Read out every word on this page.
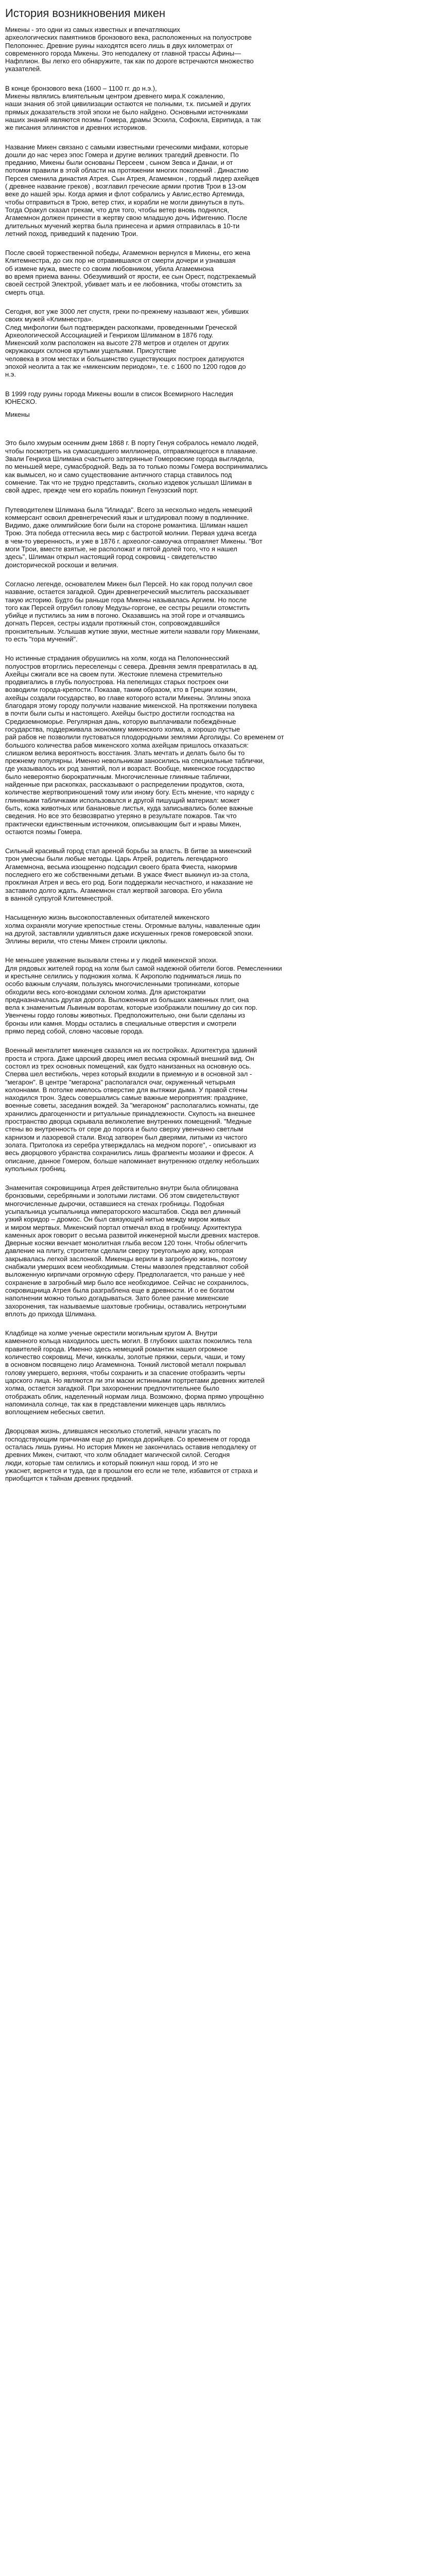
История возникновения микен

Микены - это одни из самых известных и впечатляющих
археологических памятников бронзового века, расположенных на полуострове
Пелопоннес. Древние руины находятся всего лишь в двух километрах от
современного города Микены. Это неподалеку от главной трассы Афины—
Нафплион. Вы легко его обнаружите, так как по дороге встречаются множество
указателей.

В конце бронзового века (1600 – 1100 гг. до н.э.),
Микены являлись влиятельным центром древнего мира.К сожалению,
наши знания об этой цивилизации остаются не полными, т.к. письмей и других
прямых доказательств этой эпохи не было найдено. Основными источниками
наших знаний являются поэмы Гомера, драмы Эсхила, Софокла, Еврипида, а так
же писания эллинистов и древних историков.

Название Микен связано с самыми известными греческими мифами, которые
дошли до нас через эпос Гомера и другие великих трагедий древности. По
преданию, Микены были основаны Персеем , сыном Зевса и Данаи, и от
потомки правили в этой области на протяжении многих поколений . Династию
Персея сменила династия Атрея. Сын Атрея, Агамемнон , гордый лидер ахейцев
( древнее название греков) , возглавил греческие армии против Трои в 13-ом
веке до нашей эры. Когда армия и флот собрались у Авлис,ество Артемида,
чтобы отправиться в Трою, ветер стих, и корабли не могли двинуться в путь.
Тогда Оракул сказал грекам, что для того, чтобы ветер вновь поднялся,
Агамемнон должен принести в жертву свою младшую дочь Ифигению. После
длительных мучений жертва была принесена и армия отправилась в 10-ти
летний поход, приведший к падению Трои.

После своей торжественной победы, Агамемнон вернулся в Микены, его жена
Клитемнестра, до сих пор не отравившаяся от смерти дочери и узнавшая
об измене мужа, вместе со своим любовником, убила Агамемнона
во время приема ванны. Обезумивший от ярости, ее сын Орест, подстрекаемый
своей сестрой Электрой, убивает мать и ее любовника, чтобы отомстить за
смерть отца.

Сегодня, вот уже 3000 лет спустя, греки по-прежнему называют жен, убивших
своих мужей «Климнестра».
След мифологии был подтвержден раскопками, проведенными Греческой
Археологической Ассоциацией и Генрихом Шлиманом в 1876 году.
Микенский холм расположен на высоте 278 метров и отделен от других
окружающих склонов крутыми ущельями. Присутствие
человека в этом местах и большинство существующих построек датируются
эпохой неолита а так же «микенским периодом», т.е. с 1600 по 1200 годов до
н.э.

В 1999 году руины города Микены вошли в список Всемирного Наследия
ЮНЕСКО.

Микены

Это было хмурым осенним днем 1868 г. В порту Генуя собралось немало людей,
чтобы посмотреть на сумасшедшего миллионера, отправляющегося в плавание.
Звали Генриха Шлимана счастьего затерянные Гомеровские города выглядела,
по меньшей мере, сумасбродной. Ведь за то только поэмы Гомера воспринимались
как вымысел, но и само существование античного старца ставилось под
сомнение. Так что не трудно представить, сколько издевок услышал Шлиман в
свой адрес, прежде чем его корабль покинул Генуэзский порт.

Путеводителем Шлимана была "Илиада". Всего за несколько недель немецкий
коммерсант освоил древнегреческий язык и штудировал поэму в подлиннике.
Видимо, даже олимпийские боги были на стороне романтика. Шлиман нашел
Трою. Эта победа оттеснила весь мир с бастротой молнии. Первая удача всегда
в чем-то уверенность, и уже в 1876 г. археолог-самоучка отправляет Микены. "Вот
моги Трои, вместе взятые, не расположат и пятой долей того, что я нашел
здесь", Шлиман открыл настоящий город сокровищ - свидетельство
доисторической роскоши и величия.

Согласно легенде, основателем Микен был Персей. Но как город получил свое
название, остается загадкой. Один древнегреческий мыслитель рассказывает
такую историю. Будто бы раньше гора Микены называлась Аргием. Но после
того как Персей отрубил голову Медузы-горгоне, ее сестры решили отомстить
убийце и пустились за ним в погоню. Оказавшись на этой горе и отчаявшись
догнать Персея, сестры издали протяжный стон, сопровождавшийся
пронзительным. Услышав жуткие звуки, местные жители назвали гору Микенами,
то есть "гора мучений".

Но истинные страдания обрушились на холм, когда на Пелопоннесский
полуостров вторглись переселенцы с севера. Древняя земля превратилась в ад.
Ахейцы сжигали все на своем пути. Жестокие племена стремительно
продвигались в глубь полуострова. На пепелищах старых построек они
возводили города-крепости. Показав, таким образом, кто в Греции хозяин,
ахейцы создали государство, во главе которого встали Микены. Эллины эпоха
благодаря этому городу получили название микенской. На протяжении полувека
в почти были сыты и настоящего. Ахейцы быстро достигли господства на
Средиземноморье. Регулярная дань, которую выплачивали побеждённые
государства, поддерживала экономику микенского холма, а хорошо пустые
рай рабов не позволили пустоваться плодородными землями Арголиды. Со временем от
большого количества рабов микенского холма ахейцам пришлось отказаться:
слишком велика вероятность восстания. Злать мечтать и делать было бы то
прежнему популярны. Именно невольникам заносились на специальные таблички,
где указывалось их род занятий, пол и возраст. Вообще, микенское государство
было невероятно бюрократичным. Многочисленные глиняные таблички,
найденные при раскопках, рассказывают о распределении продуктов, скота,
количестве жертвоприношений тому или иному богу. Есть мнение, что наряду с
глиняными табличками использовался и другой пишущий материал: может
быть, кожа животных или банановые листья, куда записывались более важные
сведения. Но все это безвозвратно утеряно в результате пожаров. Так что
практически единственным источником, описывающим быт и нравы Микен,
остаются поэмы Гомера.

Сильный красивый город стал ареной борьбы за власть. В битве за микенский
трон умесны были любые методы. Царь Атрей, родитель легендарного
Агамемнона, весьма изощренно подсадил своего брата Фиеста, накормив
последнего его же собственными детьми. В ужасе Фиест выкинул из-за стола,
проклиная Атрея и весь его род. Боги поддержали несчастного, и наказание не
заставило долго ждать. Агамемнон стал жертвой заговора. Его убила
в ванной супругой Клитемнестрой.

Насыщенную жизнь высокопоставленных обитателей микенского
холма охраняли могучие крепостные стены. Огромные валуны, наваленные один
на другой, заставляли удивляться даже искушенных греков гомеровской эпохи.
Эллины верили, что стены Микен строили циклопы.

Не меньшее уважение вызывали стены и у людей микенской эпохи.
Для рядовых жителей город на холм был самой надежной обители богов. Ремесленники
и крестьяне селились у подножия холма. К Акрополю подниматься лишь по
особо важным случаям, пользуясь многочисленными тропинками, которые
обходили весь кого-вокодами склоном холма. Для аристократии
предназначалась другая дорога. Выложенная из больших каменных плит, она
вела к знаменитым Львиным воротам, которые изображали пошлину до сих пор.
Увенчены гордо головы животных. Предположительно, они были сделаны из
бронзы или камня. Морды остались в специальные отверстия и смотрели
прямо перед собой, словно часовые города.

Военный менталитет микенцев сказался на их постройках. Архитектура здаиний
проста и строга. Даже царский дворец имел весьма скромный внешний вид. Он
состоял из трех основных помещений, как будто нанизанных на основную ось.
Сперва шел вестибюль, через который входили в приемную и в основной зал -
"мегарон". В центре "мегарона" располагался очаг, окруженный четырьмя
колоннами. В потолке имелось отверстие для вытяжки дыма. У правой стены
находился трон. Здесь совершались самые важные мероприятия: празднике,
военные советы, заседания вождей. За "мегароном" располагались комнаты, где
хранились драгоценности и ритуальные принадлежности. Скупость на внешнее
пространство дворца скрывала великолепие внутренних помещений. "Медные
стены во внутренность от сере до порога и было сверху увенчанно светлым
карнизом и лазоревой стали. Вход затворен был дверями, литыми из чистого
золата. Притолока из серебра утверждалась на медном пороге", - описывают из
весь дворцового убранства сохранились лишь фрагменты мозаики и фресок. А
описание, данное Гомером, больше напоминает внутреннюю отделку небольших
купольных гробниц.

Знаменитая сокровищница Атрея действительно внутри была облицована
бронзовыми, серебряными и золотыми листами. Об этом свидетельствуют
многочисленные дырочки, оставшиеся на стенах гробницы. Подобная
усыпальница усыпальница императорского масштабов. Сюда вел длинный
узкий коридор – дромос. Он был связующей нитью между миром живых
и миром мертвых. Микенский портал отмечал вход в гробницу. Архитектура
каменных арок говорит о весьма развитой инженерной мысли древних мастеров.
Дверные косяки венчает монолитная глыба весом 120 тонн. Чтобы облегчить
давление на плиту, строители сделали сверху треугольную арку, которая
закрывалась легкой заслонкой. Микенцы верили в загробную жизнь, поэтому
снабжали умерших всем необходимым. Стены мавзолея представляют собой
выложенную кирпичами огромную сферу. Предполагается, что раньше у неё
сохранение в загробный мир было все необходимое. Сейчас не сохранилось,
сокровищница Атрея была разграблена еще в древности. И о ее богатом
наполнении можно только догадываться. Зато более ранние микенские
захоронения, так называемые шахтовые гробницы, оставались нетронутыми
вплоть до прихода Шлимана.

Кладбище на холме ученые окрестили могильным кругом А. Внутри
каменного кольца находилось шесть могил. В глубоких шахтах покоились тела
правителей города. Именно здесь немецкий романтик нашел огромное
количество сокровищ. Мечи, кинжалы, золотые пряжки, серьги, чаши, и тому
в основном посвящено лицо Агамемнона. Тонкий листовой металл покрывал
голову умершего, верхняя, чтобы сохранить и за спасение отобразить черты
царского лица. Но являются ли эти маски истинными портретами древних жителей
холма, остается загадкой. При захоронении предпочтительнее было
отображать облик, наделенный нормам лица. Возможно, форма прямо упрощённо
напоминала солнце, так как в представлении микенцев царь являлись
воплощением небесных светил.

Дворцовая жизнь, длившаяся несколько столетий, начали угасать по
господствующим причинам еще до прихода дорийцев. Со временем от города
осталась лишь руины. Но история Микен не закончилась оставив неподалеку от
древних Микен, считают, что холм обладает магической силой. Сегодня
люди, которые там селились и который покинул наш город. И это не
ужаснет, вернется и туда, где в прошлом его если не теле, избавится от страха и
приобщится к тайнам древних преданий.
